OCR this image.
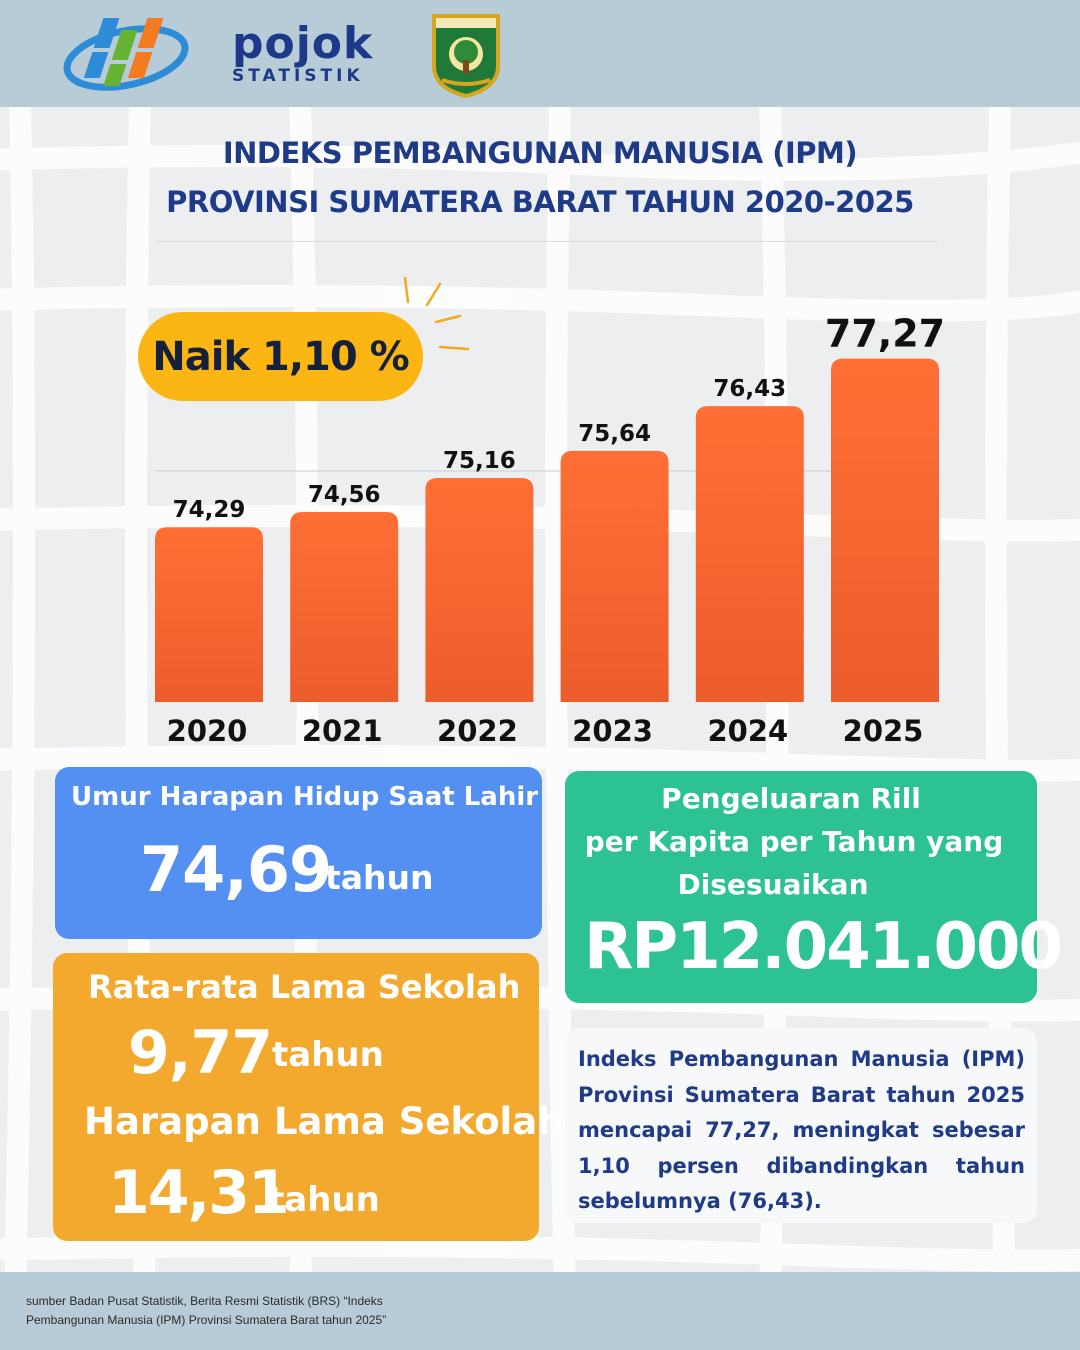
pojok
STATISTIK
INDEKS PEMBANGUNAN MANUSIA (IPM)
PROVINSI SUMATERA BARAT TAHUN 2020-2025
74,29
74,56
75,16
75,64
76,43
77,27
2020 2021 2022 2023 2024 2025
Naik 1,10 %
Umur Harapan Hidup Saat Lahir
74,69
tahun
Rata-rata Lama Sekolah
9,77 tahun
Harapan Lama Sekolah
14,31
tahun
Pengeluaran Rill
per Kapita per Tahun yang
Disesuaikan
RP12.041.000
Indeks Pembangunan Manusia (IPM) Provinsi Sumatera Barat tahun 2025 mencapai 77,27, meningkat sebesar 1,10 persen dibandingkan tahun sebelumnya (76,43).
sumber Badan Pusat Statistik, Berita Resmi Statistik (BRS) “Indeks
Pembangunan Manusia (IPM) Provinsi Sumatera Barat tahun 2025”
